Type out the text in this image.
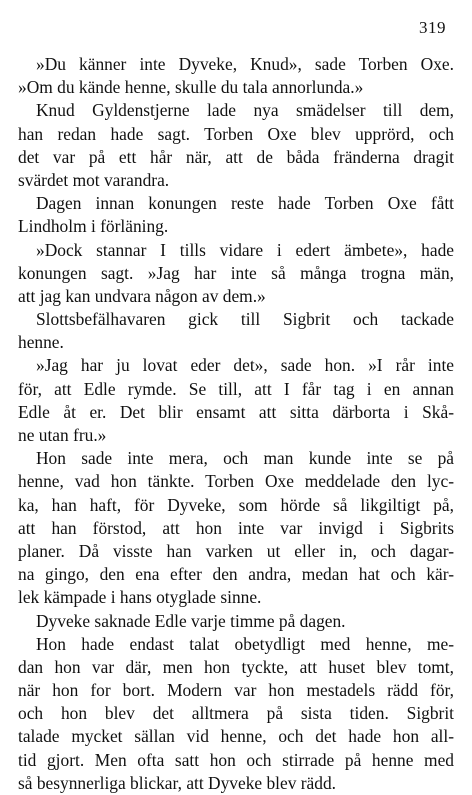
319
»Du känner inte Dyveke, Knud», sade Torben Oxe.
»Om du kände henne, skulle du tala annorlunda.»
Knud Gyldenstjerne lade nya smädelser till dem,
han redan hade sagt. Torben Oxe blev upprörd, och
det var på ett hår när, att de båda fränderna dragit
svärdet mot varandra.
Dagen innan konungen reste hade Torben Oxe fått
Lindholm i förläning.
»Dock stannar I tills vidare i edert ämbete», hade
konungen sagt. »Jag har inte så många trogna män,
att jag kan undvara någon av dem.»
Slottsbefälhavaren gick till Sigbrit och tackade
henne.
»Jag har ju lovat eder det», sade hon. »I rår inte
för, att Edle rymde. Se till, att I får tag i en annan
Edle åt er. Det blir ensamt att sitta därborta i Skå-
ne utan fru.»
Hon sade inte mera, och man kunde inte se på
henne, vad hon tänkte. Torben Oxe meddelade den lyc-
ka, han haft, för Dyveke, som hörde så likgiltigt på,
att han förstod, att hon inte var invigd i Sigbrits
planer. Då visste han varken ut eller in, och dagar-
na gingo, den ena efter den andra, medan hat och kär-
lek kämpade i hans otyglade sinne.
Dyveke saknade Edle varje timme på dagen.
Hon hade endast talat obetydligt med henne, me-
dan hon var där, men hon tyckte, att huset blev tomt,
när hon for bort. Modern var hon mestadels rädd för,
och hon blev det alltmera på sista tiden. Sigbrit
talade mycket sällan vid henne, och det hade hon all-
tid gjort. Men ofta satt hon och stirrade på henne med
så besynnerliga blickar, att Dyveke blev rädd.
